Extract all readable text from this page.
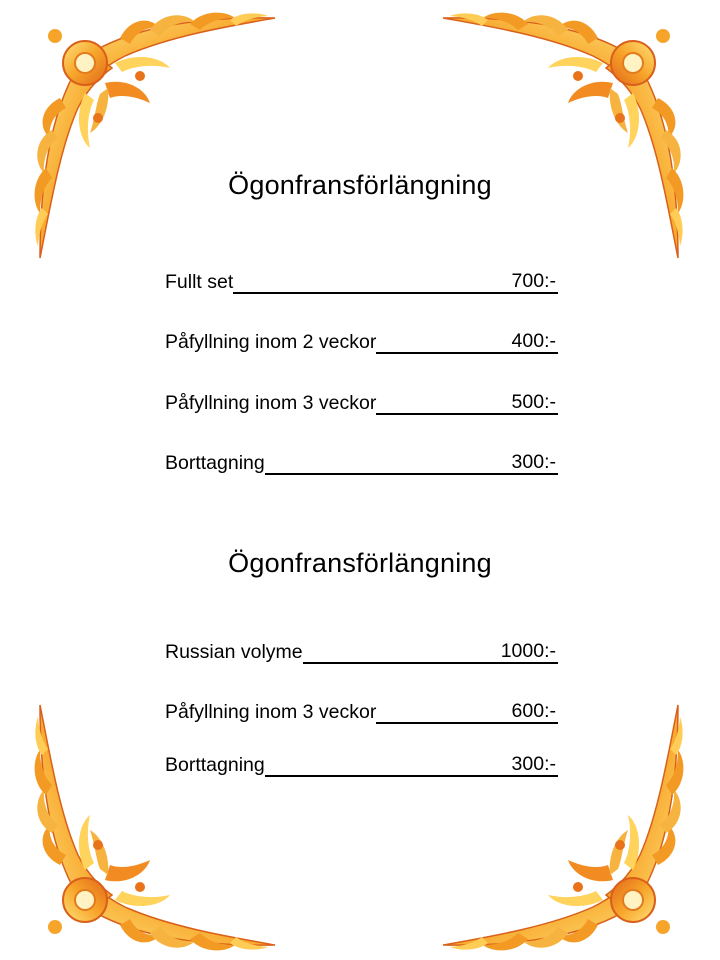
Ögonfransförlängning
Fullt set	700:-
Påfyllning inom 2 veckor	400:-
Påfyllning inom 3 veckor	500:-
Borttagning	300:-
Ögonfransförlängning
Russian volyme	1000:-
Påfyllning inom 3 veckor	600:-
Borttagning	300:-
